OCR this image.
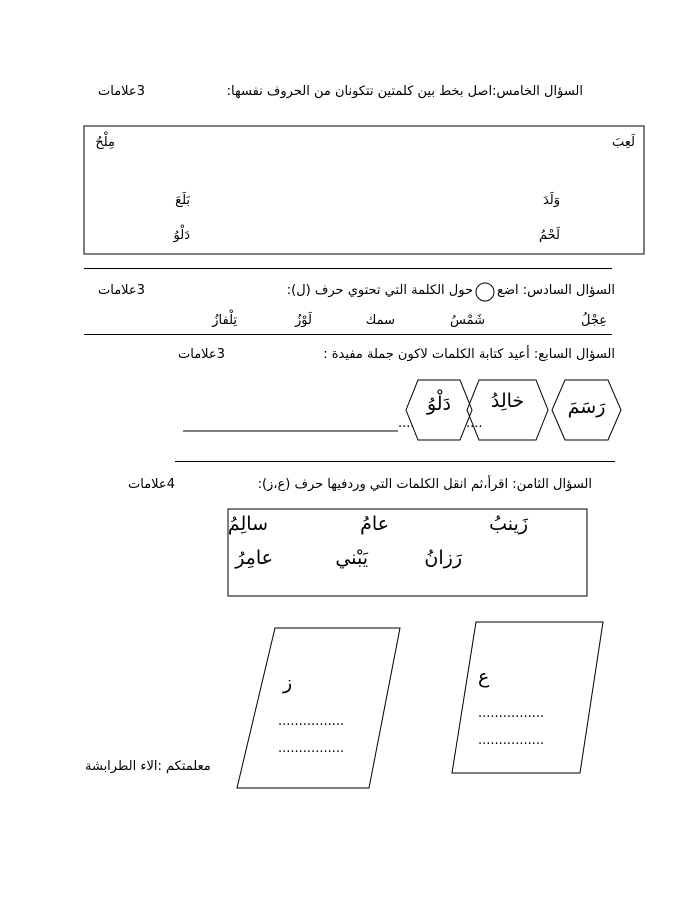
السؤال الخامس:اصل بخط بين كلمتين تتكونان من الحروف نفسها:
3علامات
لَعِبَ
مِلْحُ
وَلَدَ
بَلَعَ
لَحْمُ
دَلْوُ
السؤال السادس: اضع
حول الكلمة التي تحتوي حرف (ل):
3علامات
عِجْلُ
شَمْسُ
سمك
لَوْزُ
تِلْفازُ
السؤال السابع: أعيد كتابة الكلمات لاكون جملة مفيدة :
3علامات
رَسَمَ
خالِدُ
دَلْوُ
....
....
السؤال الثامن: اقرأ،ثم انقل الكلمات التي وردفيها حرف (ع،ز):
4علامات
زَينبُ
عامُ
سالِمُ
رَزانُ
يَبْني
عامِرُ
ع
................
................
ز
................
................
معلمتكم :الاء الطرابشة
